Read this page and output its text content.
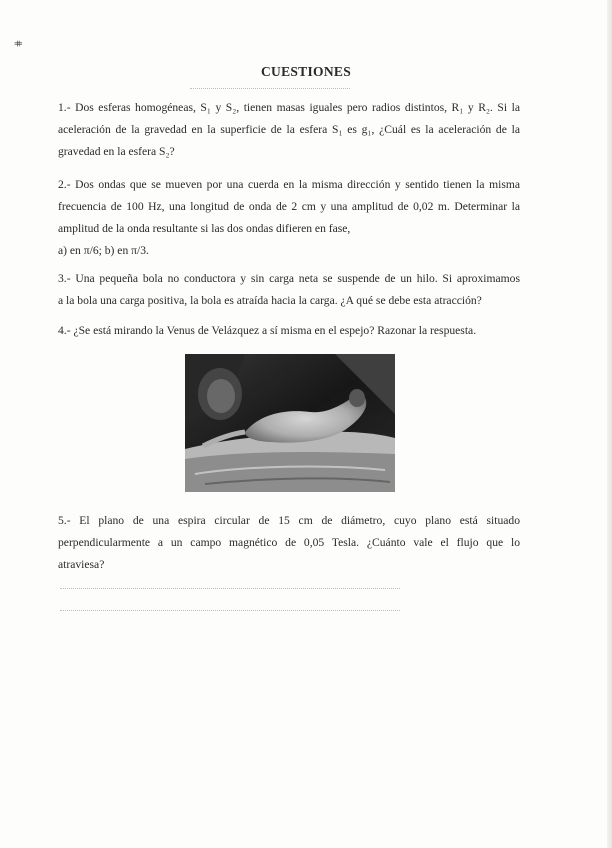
⋕
CUESTIONES
1.- Dos esferas homogéneas, S₁ y S₂, tienen masas iguales pero radios distintos, R₁ y R₂. Si la
aceleración de la gravedad en la superficie de la esfera S₁ es g₁, ¿Cuál es la aceleración de la
gravedad en la esfera S₂?
2.- Dos ondas que se mueven por una cuerda en la misma dirección y sentido tienen la misma
frecuencia de 100 Hz, una longitud de onda de 2 cm y una amplitud de 0,02 m. Determinar la
amplitud de la onda resultante si las dos ondas difieren en fase,
a) en π/6; b) en π/3.
3.- Una pequeña bola no conductora y sin carga neta se suspende de un hilo. Si aproximamos
a la bola una carga positiva, la bola es atraída hacia la carga. ¿A qué se debe esta atracción?
4.- ¿Se está mirando la Venus de Velázquez a sí misma en el espejo? Razonar la respuesta.
5.- El plano de una espira circular de 15 cm de diámetro, cuyo plano está situado
perpendicularmente a un campo magnético de 0,05 Tesla. ¿Cuánto vale el flujo que lo
atraviesa?
